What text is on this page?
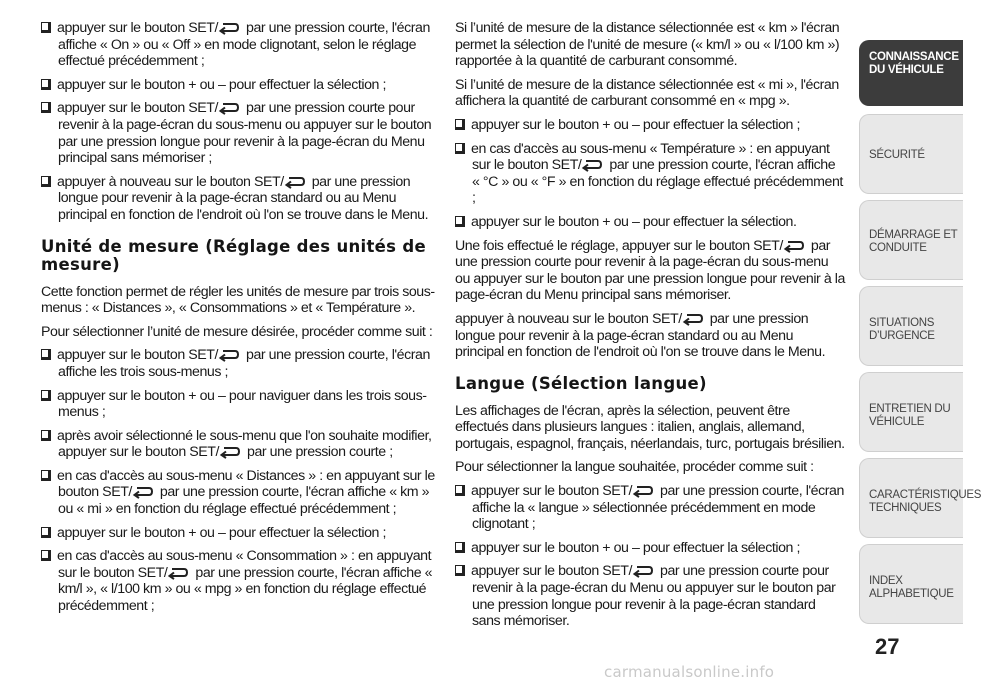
appuyer sur le bouton SET/ par une pression courte, l'écran affiche « On » ou « Off » en mode clignotant, selon le réglage effectué précédemment ;
appuyer sur le bouton + ou – pour effectuer la sélection ;
appuyer sur le bouton SET/ par une pression courte pour revenir à la page-écran du sous-menu ou appuyer sur le bouton par une pression longue pour revenir à la page-écran du Menu principal sans mémoriser ;
appuyer à nouveau sur le bouton SET/ par une pression longue pour revenir à la page-écran standard ou au Menu principal en fonction de l'endroit où l'on se trouve dans le Menu.
Unité de mesure (Réglage des unités de mesure)
Cette fonction permet de régler les unités de mesure par trois sous-menus : « Distances », « Consommations » et « Température ».
Pour sélectionner l’unité de mesure désirée, procéder comme suit :
appuyer sur le bouton SET/ par une pression courte, l'écran affiche les trois sous-menus ;
appuyer sur le bouton + ou – pour naviguer dans les trois sous-menus ;
après avoir sélectionné le sous-menu que l'on souhaite modifier, appuyer sur le bouton SET/ par une pression courte ;
en cas d'accès au sous-menu « Distances » : en appuyant sur le bouton SET/ par une pression courte, l'écran affiche « km » ou « mi » en fonction du réglage effectué précédemment ;
appuyer sur le bouton + ou – pour effectuer la sélection ;
en cas d'accès au sous-menu « Consommation » : en appuyant sur le bouton SET/ par une pression courte, l'écran affiche « km/l », « l/100 km » ou « mpg » en fonction du réglage effectué précédemment ;
Si l’unité de mesure de la distance sélectionnée est « km » l'écran permet la sélection de l'unité de mesure (« km/l » ou « l/100 km ») rapportée à la quantité de carburant consommé.
Si l’unité de mesure de la distance sélectionnée est « mi », l'écran affichera la quantité de carburant consommé en « mpg ».
appuyer sur le bouton + ou – pour effectuer la sélection ;
en cas d'accès au sous-menu « Température » : en appuyant sur le bouton SET/ par une pression courte, l'écran affiche « °C » ou « °F » en fonction du réglage effectué précédemment ;
appuyer sur le bouton + ou – pour effectuer la sélection.
Une fois effectué le réglage, appuyer sur le bouton SET/ par une pression courte pour revenir à la page-écran du sous-menu ou appuyer sur le bouton par une pression longue pour revenir à la page-écran du Menu principal sans mémoriser.
appuyer à nouveau sur le bouton SET/ par une pression longue pour revenir à la page-écran standard ou au Menu principal en fonction de l'endroit où l'on se trouve dans le Menu.
Langue (Sélection langue)
Les affichages de l'écran, après la sélection, peuvent être effectués dans plusieurs langues : italien, anglais, allemand, portugais, espagnol, français, néerlandais, turc, portugais brésilien.
Pour sélectionner la langue souhaitée, procéder comme suit :
appuyer sur le bouton SET/ par une pression courte, l'écran affiche la « langue » sélectionnée précédemment en mode clignotant ;
appuyer sur le bouton + ou – pour effectuer la sélection ;
appuyer sur le bouton SET/ par une pression courte pour revenir à la page-écran du Menu ou appuyer sur le bouton par une pression longue pour revenir à la page-écran standard sans mémoriser.
CONNAISSANCE
DU VÉHICULE
SÉCURITÉ
DÉMARRAGE ET
CONDUITE
SITUATIONS
D’URGENCE
ENTRETIEN DU
VÉHICULE
CARACTÉRISTIQUES
TECHNIQUES
INDEX
ALPHABETIQUE
27
carmanualsonline.info
